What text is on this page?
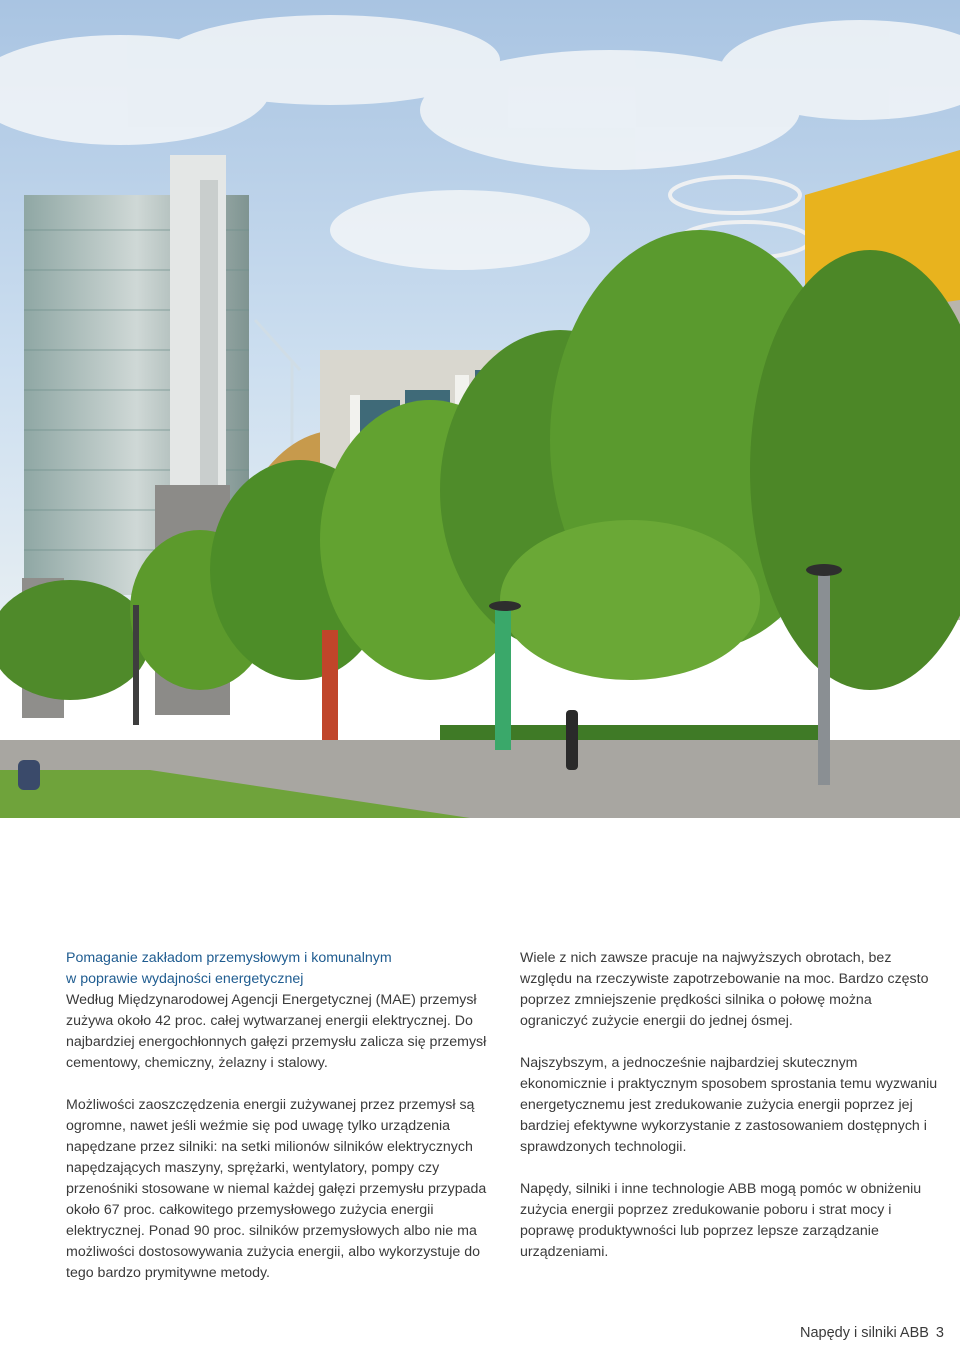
Pomaganie zakładom przemysłowym i komunalnym
w poprawie wydajności energetycznej

Według Międzynarodowej Agencji Energetycznej (MAE) przemysł zużywa około 42 proc. całej wytwarzanej energii elektrycznej. Do najbardziej energochłonnych gałęzi przemysłu zalicza się przemysł cementowy, chemiczny, żelazny i stalowy.

Możliwości zaoszczędzenia energii zużywanej przez przemysł są ogromne, nawet jeśli weźmie się pod uwagę tylko urządzenia napędzane przez silniki: na setki milionów silników elektrycznych napędzających maszyny, sprężarki, wentylatory, pompy czy przenośniki stosowane w niemal każdej gałęzi przemysłu przypada około 67 proc. całkowitego przemysłowego zużycia energii elektrycznej. Ponad 90 proc. silników przemysłowych albo nie ma możliwości dostosowywania zużycia energii, albo wykorzystuje do tego bardzo prymitywne metody.

Wiele z nich zawsze pracuje na najwyższych obrotach, bez względu na rzeczywiste zapotrzebowanie na moc. Bardzo często poprzez zmniejszenie prędkości silnika o połowę można ograniczyć zużycie energii do jednej ósmej.

Najszybszym, a jednocześnie najbardziej skutecznym ekonomicznie i praktycznym sposobem sprostania temu wyzwaniu energetycznemu jest zredukowanie zużycia energii poprzez jej bardziej efektywne wykorzystanie z zastosowaniem dostępnych i sprawdzonych technologii.

Napędy, silniki i inne technologie ABB mogą pomóc w obniżeniu zużycia energii poprzez zredukowanie poboru i strat mocy i poprawę produktywności lub poprzez lepsze zarządzanie urządzeniami.

Napędy i silniki ABB 3
